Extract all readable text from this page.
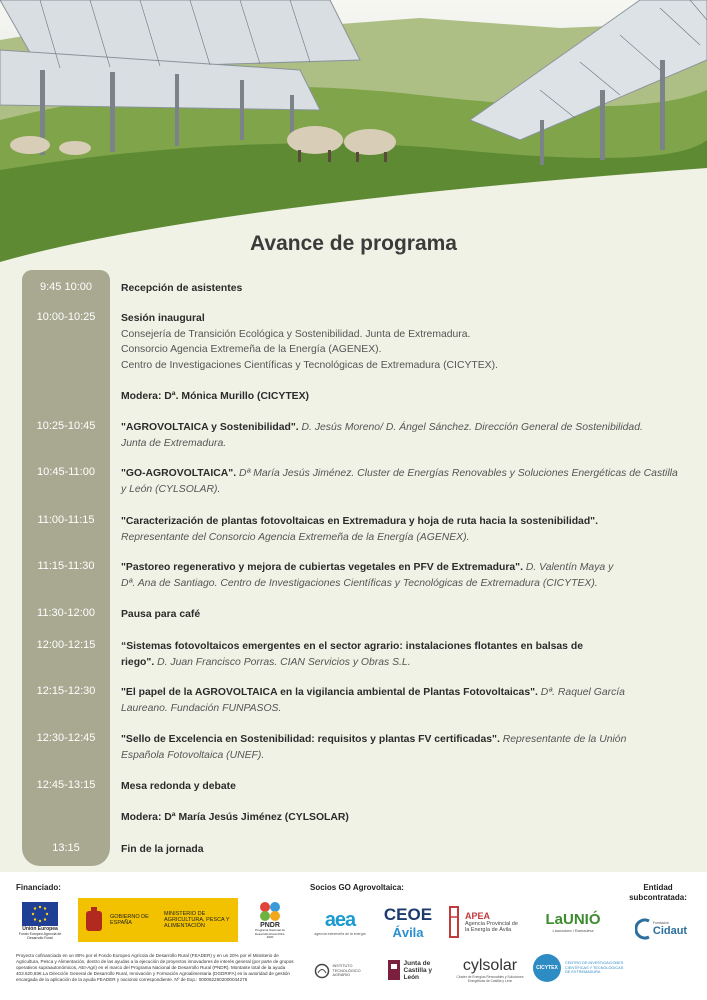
Avance de programa
9:45 10:00	Recepción de asistentes
10:00-10:25	Sesión inaugural
Consejería de Transición Ecológica y Sostenibilidad. Junta de Extremadura.
Consorcio Agencia Extremeña de la Energía (AGENEX).
Centro de Investigaciones Científicas y Tecnológicas de Extremadura (CICYTEX).
Modera: Dª. Mónica Murillo (CICYTEX)
10:25-10:45	"AGROVOLTAICA y Sostenibilidad". D. Jesús Moreno/ D. Ángel Sánchez. Dirección General de Sostenibilidad.
Junta de Extremadura.
10:45-11:00	"GO-AGROVOLTAICA". Dª María Jesús Jiménez. Cluster de Energías Renovables y Soluciones Energéticas de Castilla
y León (CYLSOLAR).
11:00-11:15	"Caracterización de plantas fotovoltaicas en Extremadura y hoja de ruta hacia la sostenibilidad".
Representante del Consorcio Agencia Extremeña de la Energía (AGENEX).
11:15-11:30	"Pastoreo regenerativo y mejora de cubiertas vegetales en PFV de Extremadura". D. Valentín Maya y
Dª. Ana de Santiago. Centro de Investigaciones Científicas y Tecnológicas de Extremadura (CICYTEX).
11:30-12:00	Pausa para café
12:00-12:15	“Sistemas fotovoltaicos emergentes en el sector agrario: instalaciones flotantes en balsas de
riego". D. Juan Francisco Porras. CIAN Servicios y Obras S.L.
12:15-12:30	"El papel de la AGROVOLTAICA en la vigilancia ambiental de Plantas Fotovoltaicas". Dª. Raquel García
Laureano. Fundación FUNPASOS.
12:30-12:45	"Sello de Excelencia en Sostenibilidad: requisitos y plantas FV certificadas". Representante de la Unión
Española Fotovoltaica (UNEF).
12:45-13:15	Mesa redonda y debate
Modera: Dª María Jesús Jiménez (CYLSOLAR)
13:15	Fin de la jornada
Financiado:	Socios GO Agrovoltaica:	Entidad subcontratada:
Unión Europea
Fondo Europeo Agrícola de Desarrollo Rural
GOBIERNO DE ESPAÑA
MINISTERIO DE AGRICULTURA, PESCA Y ALIMENTACIÓN	PNDR
Programa Nacional de Desarrollo Rural 2014-2020
aea
agencia extremeña de la energía
CEOE
Ávila
APEA
Agencia Provincial de la Energía de Ávila
LaUNIÓ
Llauradora i Ramadera
Fundación
Cidaut
INSTITUTO TECNOLÓGICO AGRARIO
Junta de Castilla y León
cylsolar
Cluster de Energías Renovables y Soluciones Energéticas de Castilla y León
CICYTEX
CENTRO DE INVESTIGACIONES CIENTÍFICAS Y TECNOLÓGICAS DE EXTREMADURA
Proyecto cofinanciado en un 80% por el Fondo Europeo Agrícola de Desarrollo Rural (FEADER) y en un 20% por el Ministerio de Agricultura, Pesca y Alimentación, dentro de las ayudas a la ejecución de proyectos innovadores de interés general (por parte de grupos operativos supraautonómicos, AEI-Agri) en el marco del Programa Nacional de Desarrollo Rural (PNDR). Montante total de la ayuda 403.620,83€.La Dirección General de Desarrollo Rural, Innovación y Formación Agroalimentaria (DGDRIFA) es la autoridad de gestión encargada de la aplicación de la ayuda FEADER y nacional correspondiente. Nº de Exp.: 0000622602000044276
